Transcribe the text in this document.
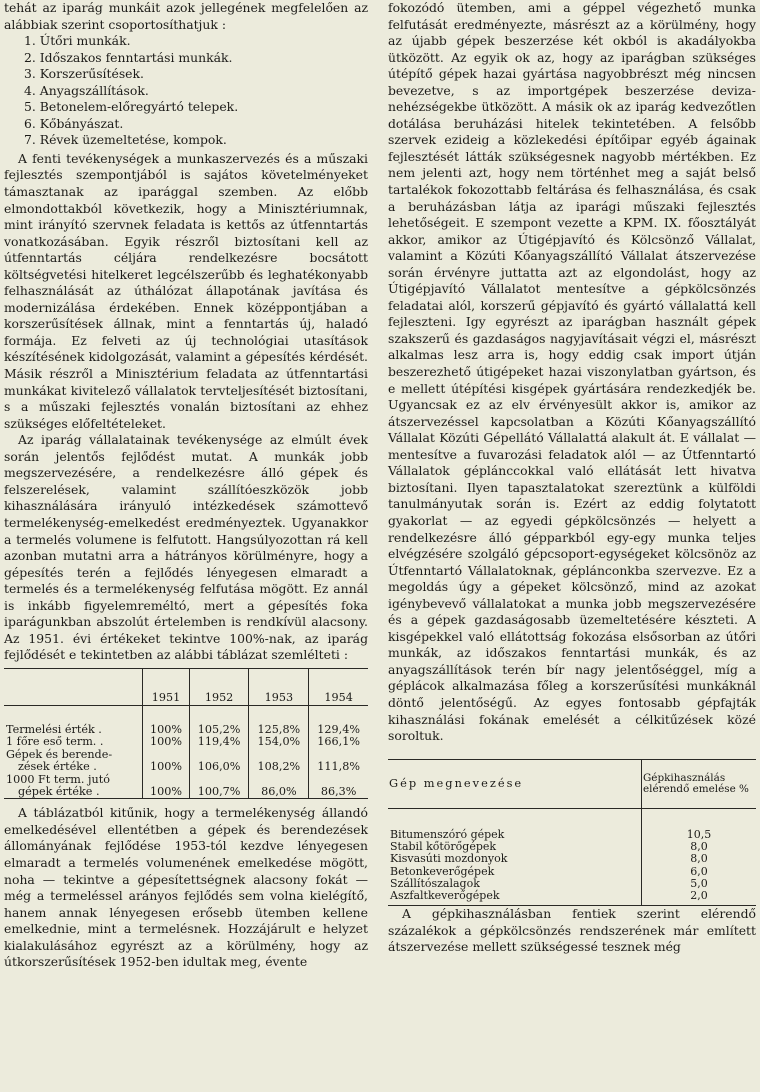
tehát az iparág munkáit azok jellegének megfelelően az alábbiak szerint csoportosíthatjuk :

1. Útőri munkák.
2. Időszakos fenntartási munkák.
3. Korszerűsítések.
4. Anyagszállítások.
5. Betonelem-előregyártó telepek.
6. Kőbányászat.
7. Révek üzemeltetése, kompok.

A fenti tevékenységek a munkaszervezés és a műszaki fejlesztés szempontjából is sajátos követelményeket támasztanak az iparággal szemben. Az előbb elmondottakból következik, hogy a Minisztériumnak, mint irányító szervnek feladata is kettős az útfenntartás vonatkozásában. Egyik részről biztosítani kell az útfenntartás céljára rendelkezésre bocsátott költségvetési hitelkeret legcélszerűbb és leghatékonyabb felhasználását az úthálózat állapotának javítása és modernizálása érdekében. Ennek középpontjában a korszerűsítések állnak, mint a fenntartás új, haladó formája. Ez felveti az új technológiai utasítások készítésének kidolgozását, valamint a gépesítés kérdését. Másik részről a Minisztérium feladata az útfenntartási munkákat kivitelező vállalatok tervteljesítését biztosítani, s a műszaki fejlesztés vonalán biztosítani az ehhez szükséges előfeltételeket.

Az iparág vállalatainak tevékenysége az elmúlt évek során jelentős fejlődést mutat. A munkák jobb megszervezésére, a rendelkezésre álló gépek és felszerelések, valamint szállítóeszközök jobb kihasználására irányuló intézkedések számottevő termelékenység-emelkedést eredményeztek. Ugyanakkor a termelés volumene is felfutott. Hangsúlyozottan rá kell azonban mutatni arra a hátrányos körülményre, hogy a gépesítés terén a fejlődés lényegesen elmaradt a termelés és a termelékenység felfutása mögött. Ez annál is inkább figyelemreméltó, mert a gépesítés foka iparágunkban abszolút értelemben is rendkívül alacsony. Az 1951. évi értékeket tekintve 100%-nak, az iparág fejlődését e tekintetben az alábbi táblázat szemlélteti :

	1951	1952	1953	1954

Termelési érték .	100%	105,2%	125,8%	129,4%
1 főre eső term. .	100%	119,4%	154,0%	166,1%
Gépek és berende-				
zések értéke .	100%	106,0%	108,2%	111,8%
1000 Ft term. jutó				
gépek értéke .	100%	100,7%	86,0%	86,3%

A táblázatból kitűnik, hogy a termelékenység állandó emelkedésével ellentétben a gépek és berendezések állományának fejlődése 1953-tól kezdve lényegesen elmaradt a termelés volumenének emelkedése mögött, noha — tekintve a gépesítettségnek alacsony fokát — még a termeléssel arányos fejlődés sem volna kielégítő, hanem annak lényegesen erősebb ütemben kellene emelkednie, mint a termelésnek. Hozzájárult e helyzet kialakulásához egyrészt az a körülmény, hogy az útkorszerűsítések 1952-ben idultak meg, évente

fokozódó ütemben, ami a géppel végezhető munka felfutását eredményezte, másrészt az a körülmény, hogy az újabb gépek beszerzése két okból is akadályokba ütközött. Az egyik ok az, hogy az iparágban szükséges útépítő gépek hazai gyártása nagyobbrészt még nincsen bevezetve, s az importgépek beszerzése deviza-nehézségekbe ütközött. A másik ok az iparág kedvezőtlen dotálása beruházási hitelek tekintetében. A felsőbb szervek ezideig a közlekedési építőipar egyéb ágainak fejlesztését látták szükségesnek nagyobb mértékben. Ez nem jelenti azt, hogy nem történhet meg a saját belső tartalékok fokozottabb feltárása és felhasználása, és csak a beruházásban látja az iparági műszaki fejlesztés lehetőségeit. E szempont vezette a KPM. IX. főosztályát akkor, amikor az Útigépjavító és Kölcsönző Vállalat, valamint a Közúti Kőanyagszállító Vállalat átszervezése során érvényre juttatta azt az elgondolást, hogy az Útigépjavító Vállalatot mentesítve a gépkölcsönzés feladatai alól, korszerű gépjavító és gyártó vállalattá kell fejleszteni. Igy egyrészt az iparágban használt gépek szakszerű és gazdaságos nagyjavításait végzi el, másrészt alkalmas lesz arra is, hogy eddig csak import útján beszerezhető útigépeket hazai viszonylatban gyártson, és e mellett útépítési kisgépek gyártására rendezkedjék be. Ugyancsak ez az elv érvényesült akkor is, amikor az átszervezéssel kapcsolatban a Közúti Kőanyagszállító Vállalat Közúti Gépellátó Vállalattá alakult át. E vállalat — mentesítve a fuvarozási feladatok alól — az Útfenntartó Vállalatok géplánccokkal való ellátását lett hivatva biztosítani. Ilyen tapasztalatokat szereztünk a külföldi tanulmányutak során is. Ezért az eddig folytatott gyakorlat — az egyedi gépkölcsönzés — helyett a rendelkezésre álló gépparkból egy-egy munka teljes elvégzésére szolgáló gépcsoport-egységeket kölcsönöz az Útfenntartó Vállalatoknak, géplánconkba szervezve. Ez a megoldás úgy a gépeket kölcsönző, mind az azokat igénybevevő vállalatokat a munka jobb megszervezésére és a gépek gazdaságosabb üzemeltetésére készteti. A kisgépekkel való ellátottság fokozása elsősorban az útőri munkák, az időszakos fenntartási munkák, és az anyagszállítások terén bír nagy jelentőséggel, míg a géplácok alkalmazása főleg a korszerűsítési munkáknál döntő jelentőségű. Az egyes fontosabb gépfajták kihasználási fokának emelését a célkitűzések közé soroltuk.

Gép megnevezése	Gépkihasználás elérendő emelése %

Bitumenszóró gépek	10,5
Stabil kőtörőgépek	8,0
Kisvasúti mozdonyok	8,0
Betonkeverőgépek	6,0
Szállítószalagok	5,0
Aszfaltkeverőgépek	2,0

A gépkihasználásban fentiek szerint elérendő százalékok a gépkölcsönzés rendszerének már említett átszervezése mellett szükségessé tesznek még
